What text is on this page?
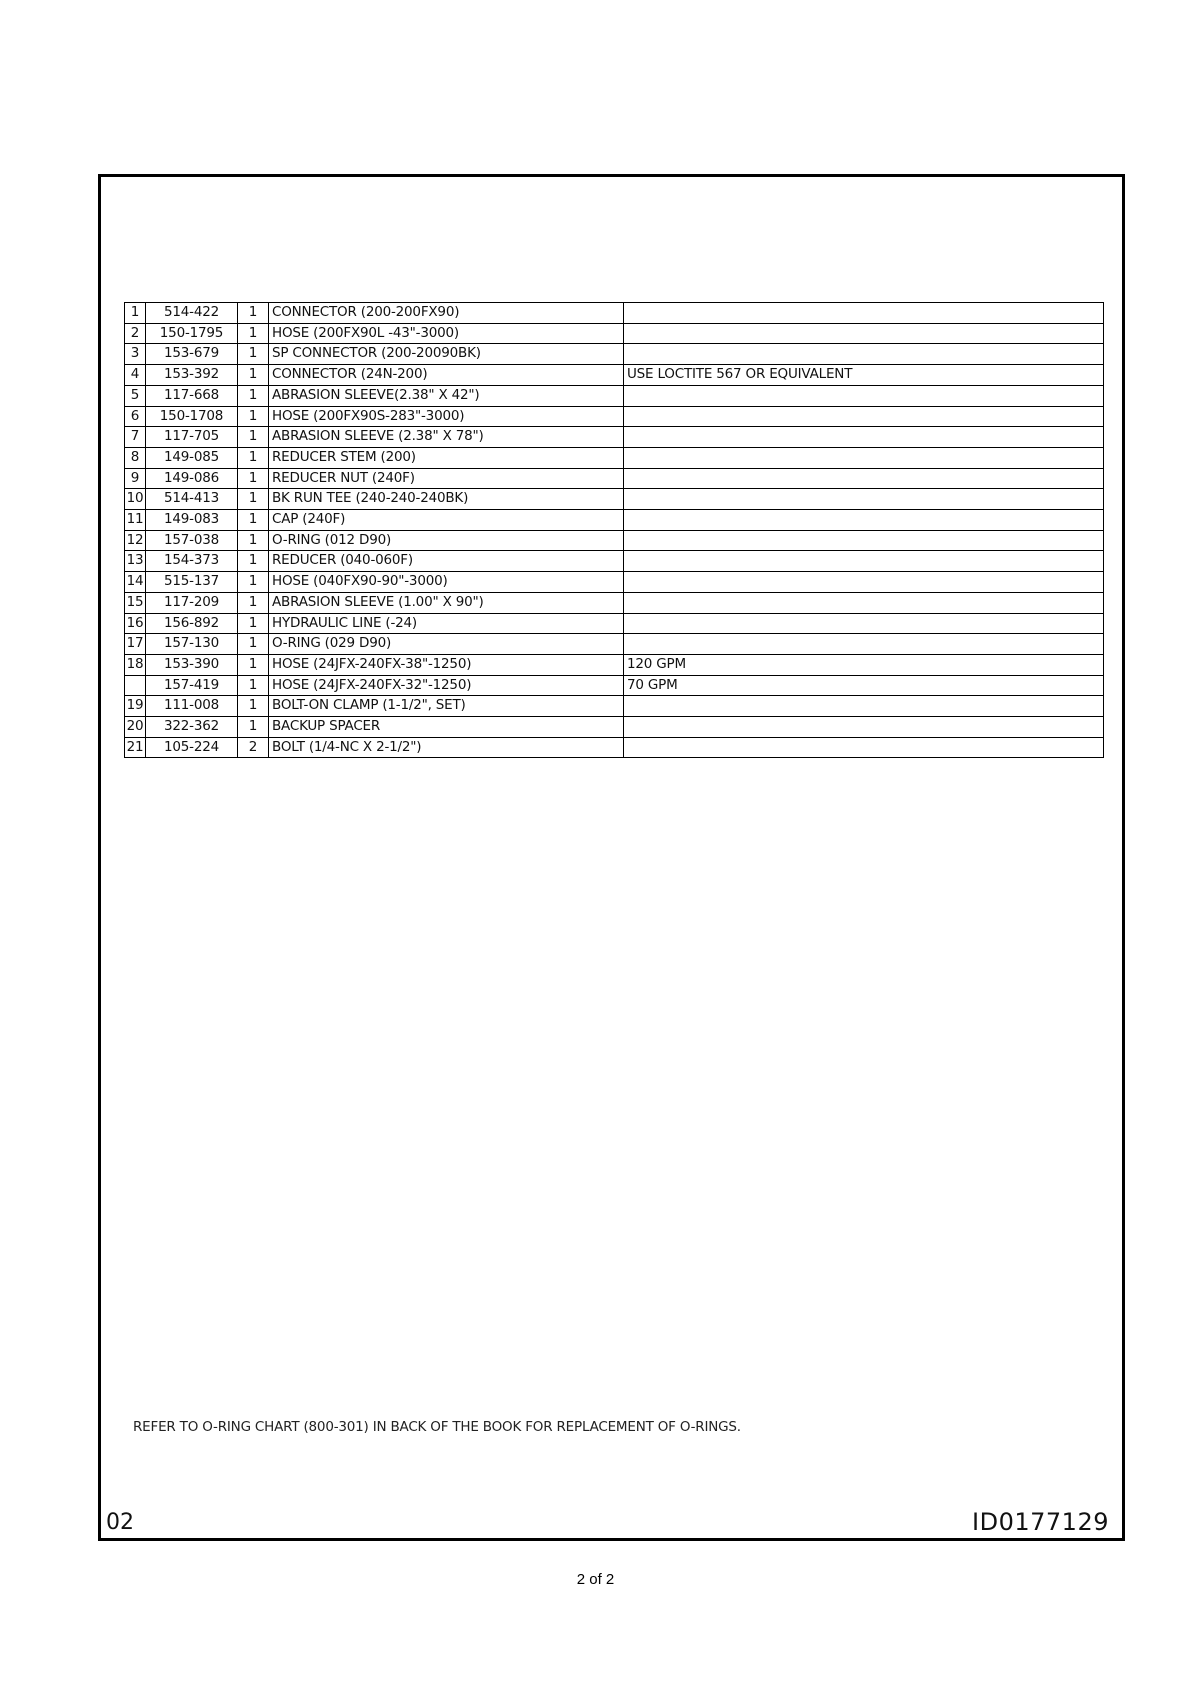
1	514-422	1	CONNECTOR (200-200FX90)	
2	150-1795	1	HOSE (200FX90L -43"-3000)	
3	153-679	1	SP CONNECTOR (200-20090BK)	
4	153-392	1	CONNECTOR (24N-200)	USE LOCTITE 567 OR EQUIVALENT
5	117-668	1	ABRASION SLEEVE(2.38" X 42")	
6	150-1708	1	HOSE (200FX90S-283"-3000)	
7	117-705	1	ABRASION SLEEVE (2.38" X 78")	
8	149-085	1	REDUCER STEM (200)	
9	149-086	1	REDUCER NUT (240F)	
10	514-413	1	BK RUN TEE (240-240-240BK)	
11	149-083	1	CAP (240F)	
12	157-038	1	O-RING (012 D90)	
13	154-373	1	REDUCER (040-060F)	
14	515-137	1	HOSE (040FX90-90"-3000)	
15	117-209	1	ABRASION SLEEVE (1.00" X 90")	
16	156-892	1	HYDRAULIC LINE (-24)	
17	157-130	1	O-RING (029 D90)	
18	153-390	1	HOSE (24JFX-240FX-38"-1250)	120 GPM
	157-419	1	HOSE (24JFX-240FX-32"-1250)	70 GPM
19	111-008	1	BOLT-ON CLAMP (1-1/2", SET)	
20	322-362	1	BACKUP SPACER	
21	105-224	2	BOLT (1/4-NC X 2-1/2")	
REFER TO O-RING CHART (800-301) IN BACK OF THE BOOK FOR REPLACEMENT OF O-RINGS.
02	ID0177129
2 of 2
